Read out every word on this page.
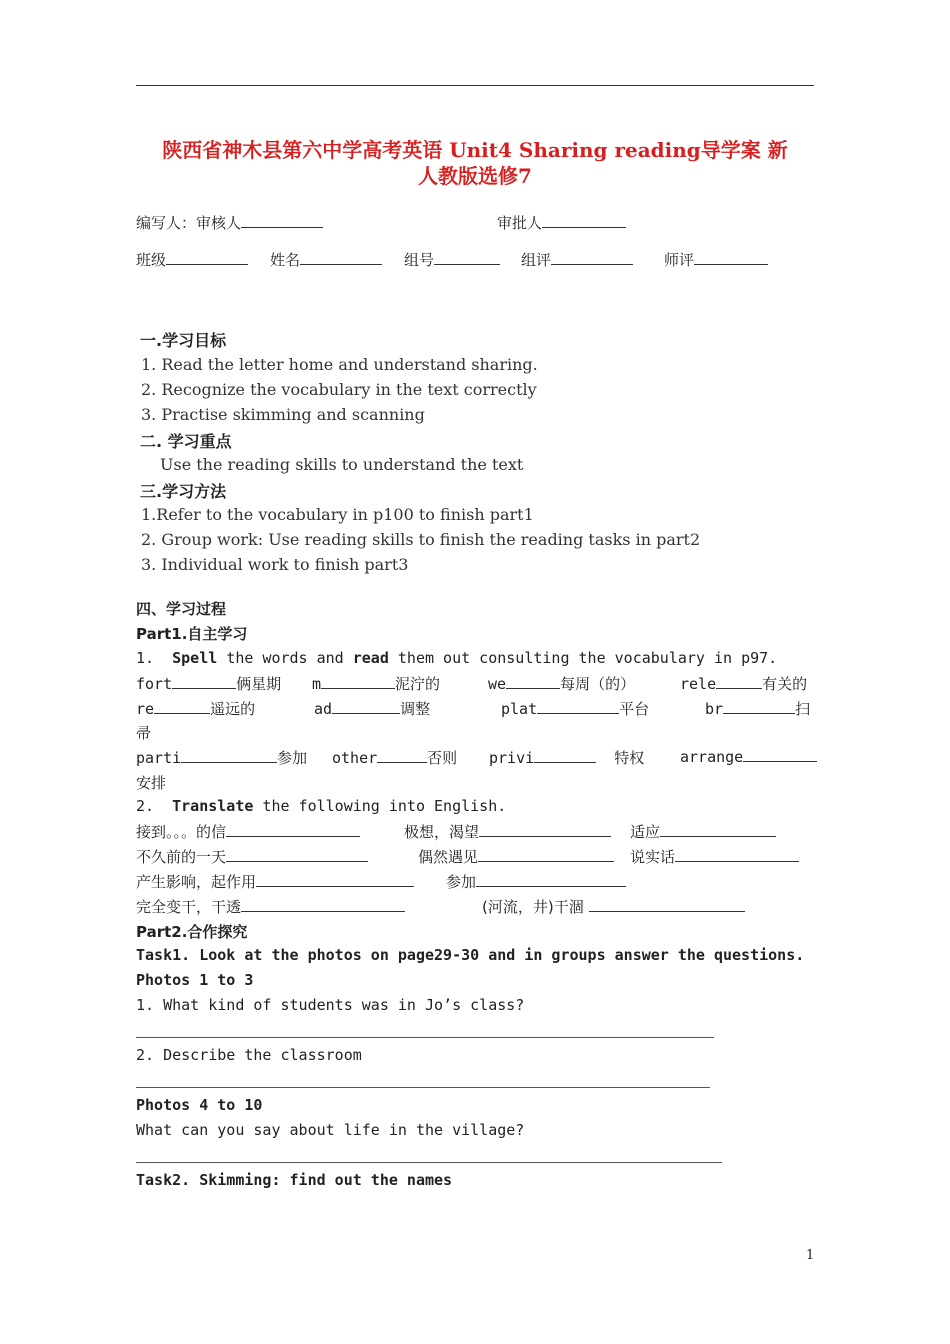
陕西省神木县第六中学高考英语 Unit4 Sharing reading导学案 新
人教版选修7
编写人：审核人	审批人
班级	姓名	组号	组评	师评
一.学习目标
1. Read the letter home and understand sharing.
2. Recognize the vocabulary in the text correctly
3. Practise skimming and scanning
二. 学习重点
Use the reading skills to understand the text
三.学习方法
1.Refer to the vocabulary in p100 to finish part1
2. Group work: Use reading skills to finish the reading tasks in part2
3. Individual work to finish part3
四、学习过程
Part1.自主学习
1. Spell the words and read them out consulting the vocabulary in p97.
fort	俩星期 m	泥泞的	we	每周（的）	rele	有关的
re	遥远的	ad	调整	plat	平台	br	扫
帚
parti	参加 other	否则 privi	特权 arrange
安排
2. Translate the following into English.
接到。。。的信	极想，渴望	适应
不久前的一天	偶然遇见	说实话
产生影响，起作用	参加
完全变干，干透	(河流，井)干涸
Part2.合作探究
Task1. Look at the photos on page29-30 and in groups answer the questions.
Photos 1 to 3
1. What kind of students was in Jo’s class?
2. Describe the classroom
Photos 4 to 10
What can you say about life in the village?
Task2. Skimming: find out the names
1
